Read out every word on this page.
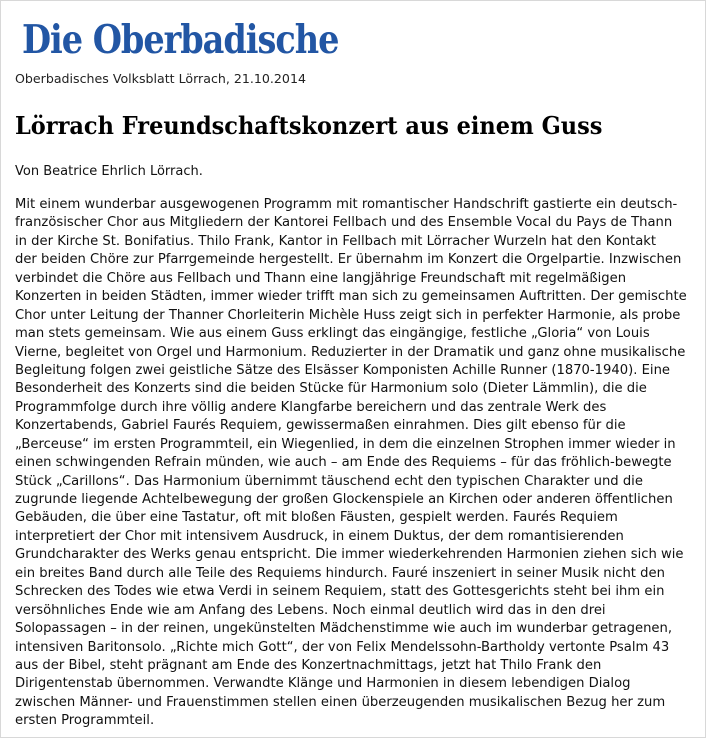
Die Oberbadische
Oberbadisches Volksblatt Lörrach, 21.10.2014
Lörrach Freundschaftskonzert aus einem Guss
Von Beatrice Ehrlich Lörrach.
Mit einem wunderbar ausgewogenen Programm mit romantischer Handschrift gastierte ein deutsch-
französischer Chor aus Mitgliedern der Kantorei Fellbach und des Ensemble Vocal du Pays de Thann
in der Kirche St. Bonifatius. Thilo Frank, Kantor in Fellbach mit Lörracher Wurzeln hat den Kontakt
der beiden Chöre zur Pfarrgemeinde hergestellt. Er übernahm im Konzert die Orgelpartie. Inzwischen
verbindet die Chöre aus Fellbach und Thann eine langjährige Freundschaft mit regelmäßigen
Konzerten in beiden Städten, immer wieder trifft man sich zu gemeinsamen Auftritten. Der gemischte
Chor unter Leitung der Thanner Chorleiterin Michèle Huss zeigt sich in perfekter Harmonie, als probe
man stets gemeinsam. Wie aus einem Guss erklingt das eingängige, festliche „Gloria“ von Louis
Vierne, begleitet von Orgel und Harmonium. Reduzierter in der Dramatik und ganz ohne musikalische
Begleitung folgen zwei geistliche Sätze des Elsässer Komponisten Achille Runner (1870-1940). Eine
Besonderheit des Konzerts sind die beiden Stücke für Harmonium solo (Dieter Lämmlin), die die
Programmfolge durch ihre völlig andere Klangfarbe bereichern und das zentrale Werk des
Konzertabends, Gabriel Faurés Requiem, gewissermaßen einrahmen. Dies gilt ebenso für die
„Berceuse“ im ersten Programmteil, ein Wiegenlied, in dem die einzelnen Strophen immer wieder in
einen schwingenden Refrain münden, wie auch – am Ende des Requiems – für das fröhlich-bewegte
Stück „Carillons“. Das Harmonium übernimmt täuschend echt den typischen Charakter und die
zugrunde liegende Achtelbewegung der großen Glockenspiele an Kirchen oder anderen öffentlichen
Gebäuden, die über eine Tastatur, oft mit bloßen Fäusten, gespielt werden. Faurés Requiem
interpretiert der Chor mit intensivem Ausdruck, in einem Duktus, der dem romantisierenden
Grundcharakter des Werks genau entspricht. Die immer wiederkehrenden Harmonien ziehen sich wie
ein breites Band durch alle Teile des Requiems hindurch. Fauré inszeniert in seiner Musik nicht den
Schrecken des Todes wie etwa Verdi in seinem Requiem, statt des Gottesgerichts steht bei ihm ein
versöhnliches Ende wie am Anfang des Lebens. Noch einmal deutlich wird das in den drei
Solopassagen – in der reinen, ungekünstelten Mädchenstimme wie auch im wunderbar getragenen,
intensiven Baritonsolo. „Richte mich Gott“, der von Felix Mendelssohn-Bartholdy vertonte Psalm 43
aus der Bibel, steht prägnant am Ende des Konzertnachmittags, jetzt hat Thilo Frank den
Dirigentenstab übernommen. Verwandte Klänge und Harmonien in diesem lebendigen Dialog
zwischen Männer- und Frauenstimmen stellen einen überzeugenden musikalischen Bezug her zum
ersten Programmteil.
